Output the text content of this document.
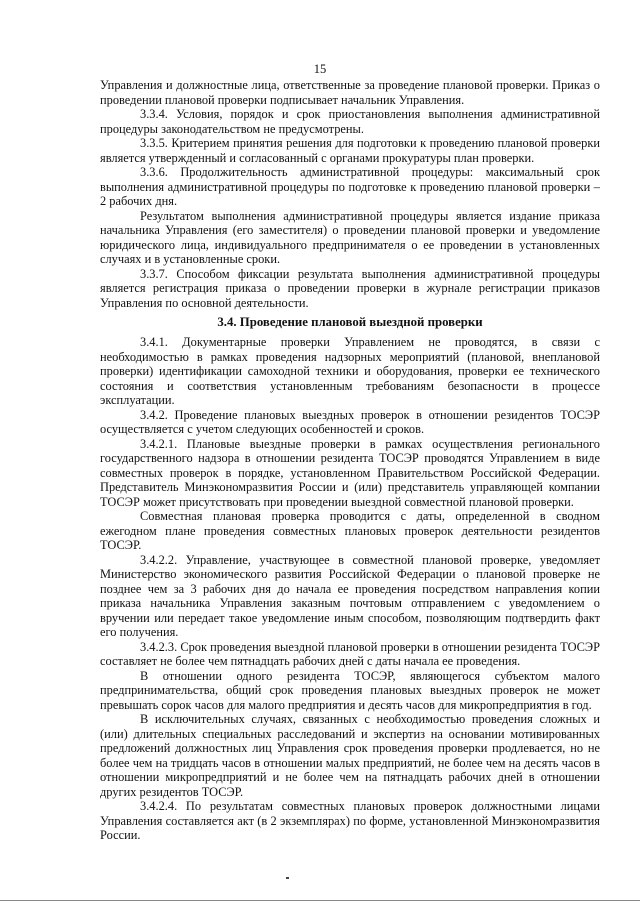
15

Управления и должностные лица, ответственные за проведение плановой проверки. Приказ о проведении плановой проверки подписывает начальник Управления.

3.3.4. Условия, порядок и срок приостановления выполнения административной процедуры законодательством не предусмотрены.

3.3.5. Критерием принятия решения для подготовки к проведению плановой проверки является утвержденный и согласованный с органами прокуратуры план проверки.

3.3.6. Продолжительность административной процедуры: максимальный срок выполнения административной процедуры по подготовке к проведению плановой проверки – 2 рабочих дня.

Результатом выполнения административной процедуры является издание приказа начальника Управления (его заместителя) о проведении плановой проверки и уведомление юридического лица, индивидуального предпринимателя о ее проведении в установленных случаях и в установленные сроки.

3.3.7. Способом фиксации результата выполнения административной процедуры является регистрация приказа о проведении проверки в журнале регистрации приказов Управления по основной деятельности.

3.4. Проведение плановой выездной проверки

3.4.1. Документарные проверки Управлением не проводятся, в связи с необходимостью в рамках проведения надзорных мероприятий (плановой, внеплановой проверки) идентификации самоходной техники и оборудования, проверки ее технического состояния и соответствия установленным требованиям безопасности в процессе эксплуатации.

3.4.2. Проведение плановых выездных проверок в отношении резидентов ТОСЭР осуществляется с учетом следующих особенностей и сроков.

3.4.2.1. Плановые выездные проверки в рамках осуществления регионального государственного надзора в отношении резидента ТОСЭР проводятся Управлением в виде совместных проверок в порядке, установленном Правительством Российской Федерации. Представитель Минэкономразвития России и (или) представитель управляющей компании ТОСЭР может присутствовать при проведении выездной совместной плановой проверки.

Совместная плановая проверка проводится с даты, определенной в сводном ежегодном плане проведения совместных плановых проверок деятельности резидентов ТОСЭР.

3.4.2.2. Управление, участвующее в совместной плановой проверке, уведомляет Министерство экономического развития Российской Федерации о плановой проверке не позднее чем за 3 рабочих дня до начала ее проведения посредством направления копии приказа начальника Управления заказным почтовым отправлением с уведомлением о вручении или передает такое уведомление иным способом, позволяющим подтвердить факт его получения.

3.4.2.3. Срок проведения выездной плановой проверки в отношении резидента ТОСЭР составляет не более чем пятнадцать рабочих дней с даты начала ее проведения.

В отношении одного резидента ТОСЭР, являющегося субъектом малого предпринимательства, общий срок проведения плановых выездных проверок не может превышать сорок часов для малого предприятия и десять часов для микропредприятия в год.

В исключительных случаях, связанных с необходимостью проведения сложных и (или) длительных специальных расследований и экспертиз на основании мотивированных предложений должностных лиц Управления срок проведения проверки продлевается, но не более чем на тридцать часов в отношении малых предприятий, не более чем на десять часов в отношении микропредприятий и не более чем на пятнадцать рабочих дней в отношении других резидентов ТОСЭР.

3.4.2.4. По результатам совместных плановых проверок должностными лицами Управления составляется акт (в 2 экземплярах) по форме, установленной Минэкономразвития России.
